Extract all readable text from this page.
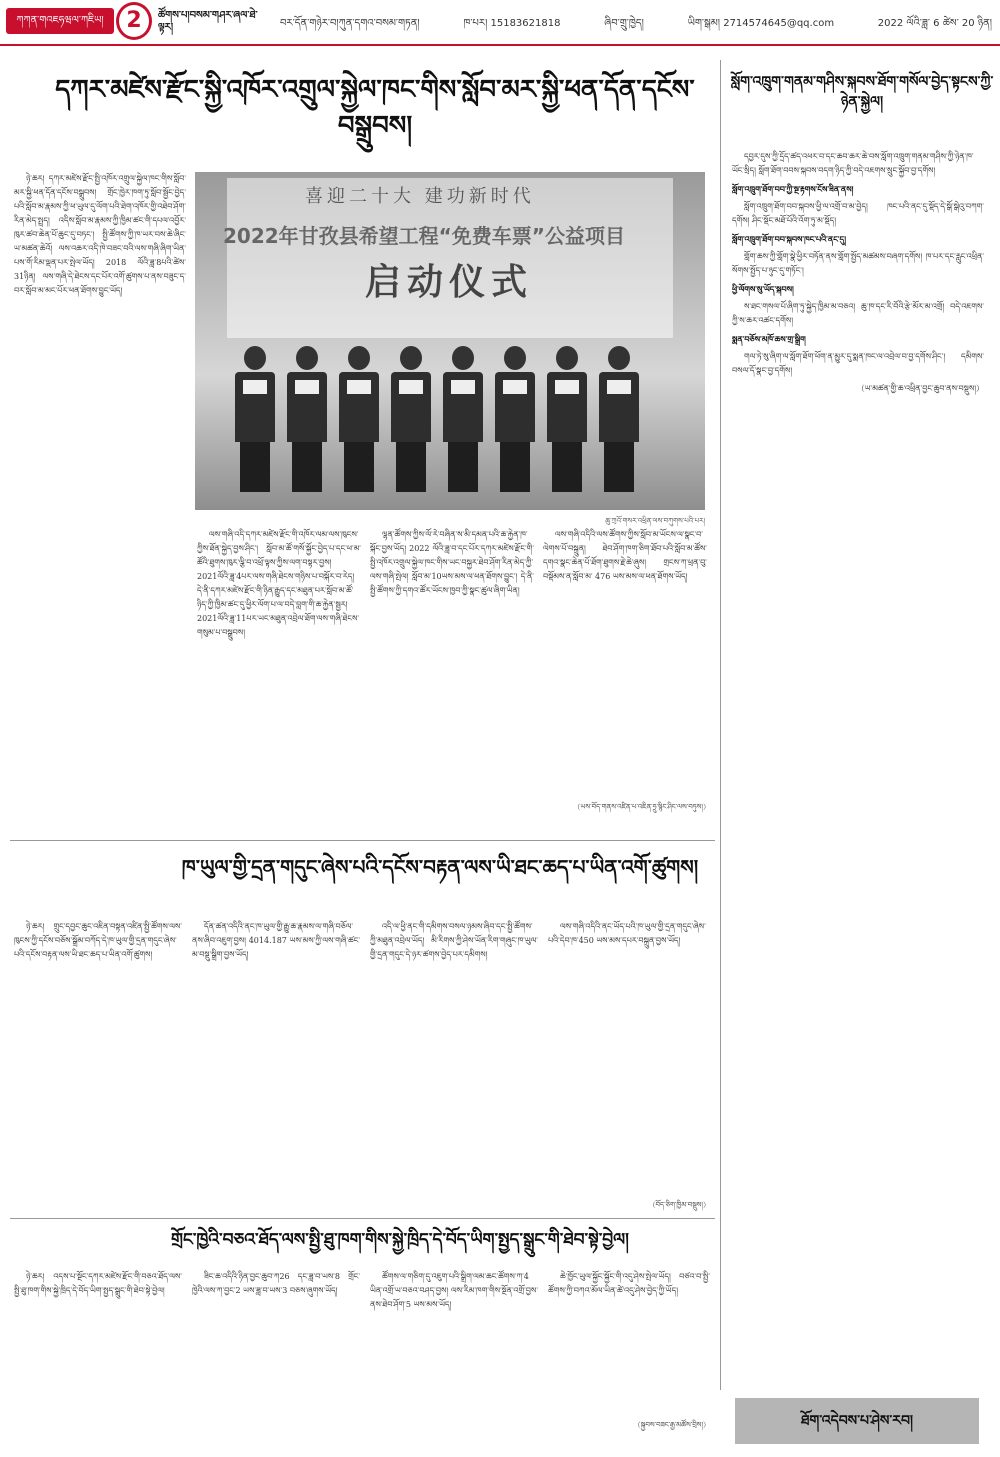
ཀཀན་གའཇཧཝལ་ཀཇིཡ།	2	ཚོགས་པ།བསམ་གཤར་ཞལ་ཐེ་ལྟར།	བར་དོན་གཉེར་བ།ཀུན་དགའ་བསམ་གཏན།	ཁ་པར། 15183621818	ཞིབ་གྲུ་ཁྱེད།	ཡིག་སྒམ། 2714574645@qq.com	2022 ལོའི་ཟླ་ 6 ཚེས་ 20 ཉིན།
དཀར་མཛེས་རྫོང་སྐྱི་འཁོར་འགྲུལ་སྐྱེལ་ཁང་གིས་སློབ་མར་སྐྱི་ཕན་དོན་དངོས་བསྒྲུབས།
སློག་འཁྲུག་གནམ་གཤིས་སྐབས་ཐོག་གསོལ་བྱེད་སྟངས་ཀྱི་ཉེན་སྐྱེལ།

ཉེ་ཆར། དཀར་མཛེས་རྫོང་སྤྱི་འཁོར་འགྲུལ་སྐྱེལ་ཁང་གིས་སློབ་མར་སྐྱི་ཕན་དོན་དངོས་བསྒྲུབས། གྲོང་ཁྱེར་ཁག་ཏུ་སློབ་སྦྱོང་བྱེད་པའི་སློབ་མ་རྣམས་ཀྱི་ཕ་ཡུལ་དུ་ལོག་པའི་ཐེག་འཁོར་གྱི་འཐེབ་ཤོག་རིན་མེད་སྤྲད། འདིས་སློབ་མ་རྣམས་ཀྱི་ཁྱིམ་ཚང་གི་དཔལ་འབྱོར་ཁུར་ཚབ་ཆེན་པོ་ཆུང་དུ་བཏང་། སྤྱི་ཚོགས་ཀྱི་ཁ་ཡར་བས་ཆེ་ཞིང་ཡ་མཚན་ཆེའོ། ལས་འཆར་འདི་ཁེ་བཟང་བའི་ལས་གཞི་ཞིག་ཡིན་པས་གོ་རིམ་ལྡན་པར་སྤེལ་ཡོད། 2018 ལོའི་ཟླ་8པའི་ཚེས་31ཉིན། ལས་གཞི་དེ་ཐེངས་དང་པོར་འགོ་ཚུགས་པ་ནས་བཟུང་ད་བར་སློབ་མ་མང་པོར་ཕན་ཐོགས་བྱུང་ཡོད།

喜迎二十大 建功新时代
2022年甘孜县希望工程“免费车票”公益项目
启动仪式
ཆུ་ཀྲའོ་གསར་འཕྲིན་ལས་བཀུགས་པའི་པར།

ལས་གཞི་འདི་དཀར་མཛེས་རྫོང་གི་འཁོར་ལམ་ལས་ཁུངས་ཀྱིས་ཐོན་སྐྱེད་བྱས་ཤིང་། སློབ་མ་ཚོ་གསོ་སྐྱོང་བྱེད་པ་དང་ཕ་མ་ཚོའི་ཐུགས་ཁུར་ལྕི་བ་འཕྲོ་ལྟས་ཀྱིས་ལག་བསྟར་བྱས། 2021ལོའི་ཟླ་4པར་ལས་གཞི་ཐེངས་གཉིས་པ་བསྐོར་བ་རེད། དེ་ནི་དཀར་མཛེས་རྫོང་གི་ཉིན་རྒྱུད་དང་མཐུན་པར་སློབ་མ་ཚོ་ཉིད་ཀྱི་ཁྱིམ་ཚང་དུ་ཕྱིར་ལོག་པ་ལ་བདེ་བླག་གི་ཆ་རྐྱེན་སྦྱར། 2021ལོའི་ཟླ་11པར་ཡང་མཐུན་འབྲེལ་ཐོག་ལས་གཞི་ཐེངས་གསུམ་པ་བསྒྲུབས།

ལྷན་ཚོགས་ཀྱིས་ལོ་རེ་བཞིན་ས་མི་དམན་པའི་ཆ་རྐྱེན་ཁ་སྐོང་བྱས་ཡོད། 2022 ལོའི་ཟླ་བ་དང་པོར་དཀར་མཛེས་རྫོང་གི་སྤྱི་འཁོར་འགྲུལ་སྐྱེལ་ཁང་གིས་ཡང་བསྐྱར་ཐེབ་ཤོག་རིན་མེད་ཀྱི་ལས་གཞི་སྤེལ། སློབ་མ་10ཡས་མས་ལ་ཕན་ཐོགས་བྱུང་། དེ་ནི་སྤྱི་ཚོགས་ཀྱི་དགའ་ཚོར་ཡོངས་ཁྱབ་ཀྱི་སྣང་ཚུལ་ཞིག་ཡིན།

ལས་གཞི་འདིའི་ལས་ཚོགས་ཀྱིས་སློབ་མ་ཡོངས་ལ་སྣང་བ་ལེགས་པོ་བསྐྲུན། ཐེབ་ཤོག་ཁག་ཅིག་ཐོབ་པའི་སློབ་མ་ཚོས་དགའ་སྣང་ཆེན་པོ་ཐོག་ཐུགས་རྗེ་ཆེ་ཞུས། གྲངས་ཀ་ཕྲན་བུ་བསྡོམས་ན་སློབ་མ་ 476 ཡས་མས་ལ་ཕན་ཐོགས་ཡོད།

（ཡས་བོད་གནས་འཛིན་པ་འཇིན་ཧྲུ་སྙིང་ཤིང་ལས་བཏུས།）
ཁ་ཡུལ་གྱི་དྲན་གདུང་ཞེས་པའི་དངོས་བརྟན་ལས་ཡི་ཐང་ཆད་པ་ཡིན་འགོ་ཚུགས།

ཉེ་ཆར། གྲུང་དབྱང་ཆུང་འཇིན་བསྟན་འཛིན་སྤྱི་ཚོགས་ལས་ཁུངས་ཀྱི་དངོས་བཅོས་སྒྲོམ་བཀོད་དེ་ཁ་ཡུལ་གྱི་དྲན་གདུང་ཞེས་པའི་དངོས་བརྟན་ལས་ཡི་ཐང་ཆད་པ་ཡིན་འགོ་ཚུགས།

དོན་ཚན་འདིའི་ནང་ཁ་ཡུལ་གྱི་རྒྱུ་ཆ་རྣམས་ལ་གཞི་བཅོལ་ནས་ཞིབ་འཇུག་བྱས། 4014.187 ཡས་མས་ཀྱི་ལས་གཞི་ཚང་མ་བསྡུ་སྒྲིག་བྱས་ཡོད།

འདི་ལ་ཕྱི་ནང་གི་དམིགས་བསལ་ཉམས་ཞིབ་དང་སྤྱི་ཚོགས་ཀྱི་མཐུན་འབྲེལ་ཡོད། མི་རིགས་ཀྱི་ཤེས་ཡོན་རིག་གཞུང་ཁ་ཡུལ་གྱི་དྲན་གདུང་དེ་ཉར་ཚགས་བྱེད་པར་དམིགས།

ལས་གཞི་འདིའི་ནང་ཡོད་པའི་ཁ་ཡུལ་གྱི་དྲན་གདུང་ཞེས་པའི་དེབ་ཁ་450 ཡས་མས་དཔར་བསྐྲུན་བྱས་ཡོད།

（བོད་ཅིག་ཁྱིམ་བསྡུས།）
གྲོང་ཁྱེའི་བཅའ་ཐོད་ལས་སྤྱི་ཐུ་ཁག་གིས་སྐྱེ་ཁྲིད་དེ་བོད་ཡིག་སྤྱད་སྒྲུང་གི་ཐེབ་སྟེ་བྱེལ།

ཉེ་ཆར། འདས་པ་སྔོང་དཀར་མཛེས་རྫོང་གི་བཅའ་ཐོད་ལས་སྤྱི་ཐུ་ཁག་གིས་སྐྱེ་ཁྲིད་དེ་བོད་ཡིག་སྤྱད་སྒྲུང་གི་ཐེབ་སྟེ་བྱེལ།

ཟིང་ཆ་འདིའི་ཉིན་བྱང་ཆུབ་ཀ26 དང་ཟླ་བ་ཡས་8 གྲོང་ཁྱེའི་ལས་ཀ་བྱང་2 ཡས་ཟླ་བ་ཡས་3 བཅས་ཞུགས་ཡོད།

ཚོགས་ལ་གཅིག་དུ་འཇུག་པའི་སྒྲིག་ལམ་ཆང་ཚོགས་ཀ་4 ཡིན་འགྲོ་ཡ་བཅའ་བཤད་བྱས། ལས་རིམ་ཁག་གིས་སྔོན་འགྲོ་བྱས་ནས་ཐེབ་ཤོག་5 ཡས་མས་ཡོད།

ཆེ་ཁྱོང་ཡུལ་སྐྱོང་སྐྱོང་གི་འདུ་ཤེས་སྤེལ་ཡོད། བཙའ་བ་སྤྱི་ཚོགས་ཀྱི་བཀའ་མོལ་ཡིན་ཚེ་འདུ་ཤེས་བྱེད་ཀྱི་ཡོད།

（སྐྱབས་བཟང་རྒྱ་མཚོས་བྲིས།）

དབྱར་དུས་ཀྱི་དྲོད་ཚད་འཕར་བ་དང་ཆབ་ཆར་ཆེ་བས་སློག་འཁྲུག་གནམ་གཤིས་ཀྱི་ཉེན་ཁ་ཡོང་སྲིད། སློག་ཐོག་བབས་སྐབས་བདག་ཉིད་ཀྱི་བདེ་འཇགས་སྲུང་སྐྱོབ་བྱ་དགོས།

སློག་འཁྲུག་ཐོག་བབ་ཀྱི་སྔ་རྟགས་ངོས་ཟིན་ནས།

སློག་འཁྲུག་ཐོག་བབ་སྐབས་ཕྱི་ལ་འགྲོ་བ་མ་བྱེད། ཁང་པའི་ནང་དུ་སྡོད་དེ་སྒོ་སྒེའུ་བཀག་དགོས། ཤིང་སྡོང་མཐོ་པོའི་འོག་ཏུ་མ་སྡོད།

སློག་འཁྲུག་ཐོག་བབ་སྐབས་ཁང་པའི་ནང་དུ།

གློག་ཆས་ཀྱི་གློག་སྣེ་ཕྱིར་བཏོན་ནས་གློག་སྤྱོད་མཚམས་བཞག་དགོས། ཁ་པར་དང་རླུང་འཕྲིན་སོགས་སྤྱོད་པ་ཉུང་དུ་གཏོང་།

ཕྱི་ལོགས་སུ་ཡོད་སྐབས།

ས་ཐང་གསལ་པོ་ཞིག་ཏུ་སྐྱེད་ཁྱིམ་མ་བཅའ། ཆུ་ཁ་དང་རི་བོའི་རྩེ་མོར་མ་འགྲོ། བདེ་འཇགས་ཀྱི་ས་ཆར་འཚང་དགོས།

སྨན་བཅོས་མཁོ་ཆས་གྲ་སྒྲིག

གལ་ཏེ་སུ་ཞིག་ལ་སློག་ཐོག་ཕོག་ན་མྱུར་དུ་སྨན་ཁང་ལ་འབྲེལ་བ་བྱ་དགོས་ཤིང་། དམིགས་བསལ་དོ་སྣང་བྱ་དགོས།

（ཡ་མཚན་གྱི་ཆ་འཕྲིན་བྱང་ཆུབ་ནས་བསྡུས།）

ཐོག་འདེབས་པ་ཤེས་རབ།
